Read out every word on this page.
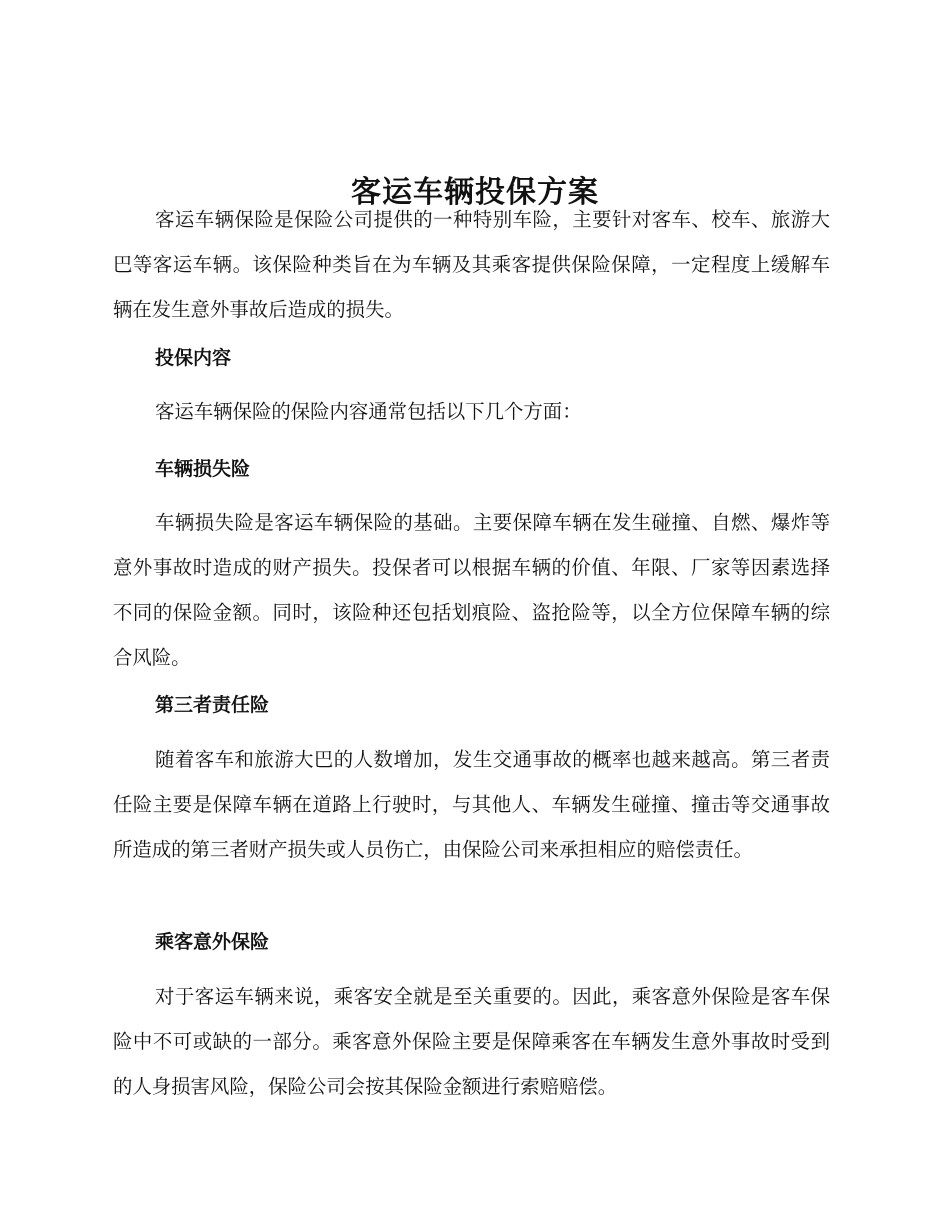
客运车辆投保方案

客运车辆保险是保险公司提供的一种特别车险，主要针对客车、校车、旅游大巴等客运车辆。该保险种类旨在为车辆及其乘客提供保险保障，一定程度上缓解车辆在发生意外事故后造成的损失。

投保内容

客运车辆保险的保险内容通常包括以下几个方面：

车辆损失险

车辆损失险是客运车辆保险的基础。主要保障车辆在发生碰撞、自燃、爆炸等意外事故时造成的财产损失。投保者可以根据车辆的价值、年限、厂家等因素选择不同的保险金额。同时，该险种还包括划痕险、盗抢险等，以全方位保障车辆的综合风险。

第三者责任险

随着客车和旅游大巴的人数增加，发生交通事故的概率也越来越高。第三者责任险主要是保障车辆在道路上行驶时，与其他人、车辆发生碰撞、撞击等交通事故所造成的第三者财产损失或人员伤亡，由保险公司来承担相应的赔偿责任。

乘客意外保险

对于客运车辆来说，乘客安全就是至关重要的。因此，乘客意外保险是客车保险中不可或缺的一部分。乘客意外保险主要是保障乘客在车辆发生意外事故时受到的人身损害风险，保险公司会按其保险金额进行索赔赔偿。
